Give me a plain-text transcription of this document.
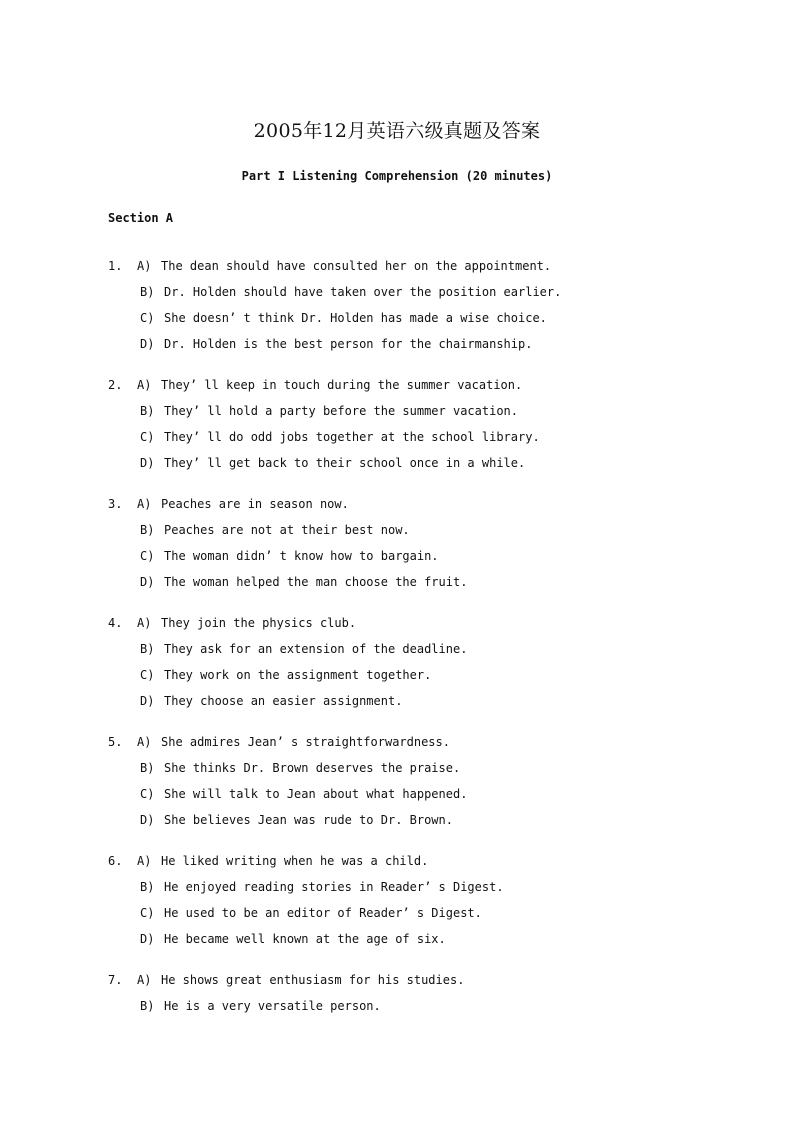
2005年12月英语六级真题及答案
Part I Listening Comprehension (20 minutes)
Section A
1. A) The dean should have consulted her on the appointment.
B) Dr. Holden should have taken over the position earlier.
C) She doesn’ t think Dr. Holden has made a wise choice.
D) Dr. Holden is the best person for the chairmanship.
2. A) They’ ll keep in touch during the summer vacation.
B) They’ ll hold a party before the summer vacation.
C) They’ ll do odd jobs together at the school library.
D) They’ ll get back to their school once in a while.
3. A) Peaches are in season now.
B) Peaches are not at their best now.
C) The woman didn’ t know how to bargain.
D) The woman helped the man choose the fruit.
4. A) They join the physics club.
B) They ask for an extension of the deadline.
C) They work on the assignment together.
D) They choose an easier assignment.
5. A) She admires Jean’ s straightforwardness.
B) She thinks Dr. Brown deserves the praise.
C) She will talk to Jean about what happened.
D) She believes Jean was rude to Dr. Brown.
6. A) He liked writing when he was a child.
B) He enjoyed reading stories in Reader’ s Digest.
C) He used to be an editor of Reader’ s Digest.
D) He became well known at the age of six.
7. A) He shows great enthusiasm for his studies.
B) He is a very versatile person.
